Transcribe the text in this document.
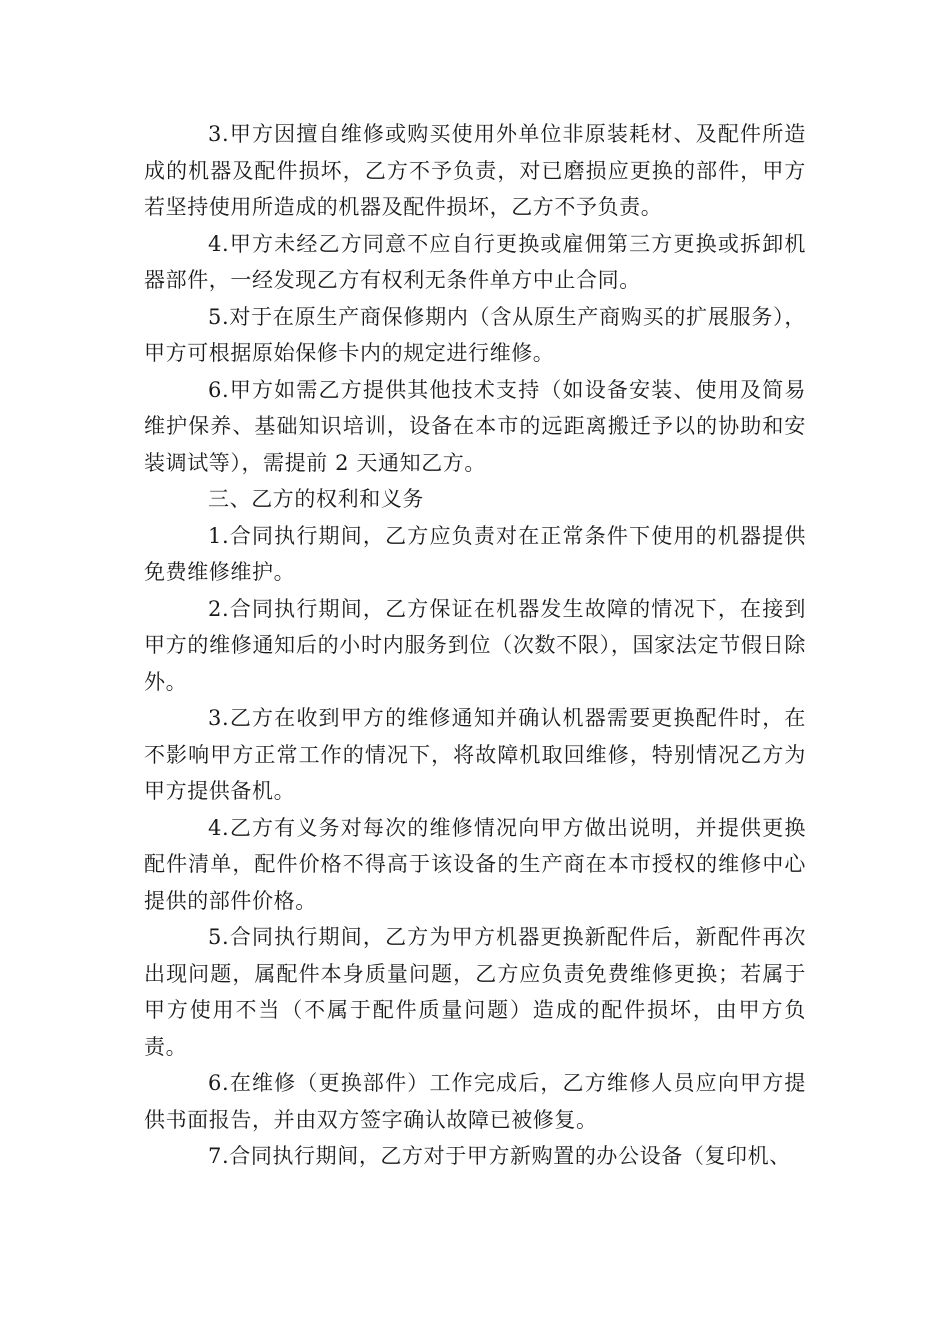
3.甲方因擅自维修或购买使用外单位非原装耗材、及配件所造成的机器及配件损坏，乙方不予负责，对已磨损应更换的部件，甲方若坚持使用所造成的机器及配件损坏，乙方不予负责。

4.甲方未经乙方同意不应自行更换或雇佣第三方更换或拆卸机器部件，一经发现乙方有权利无条件单方中止合同。

5.对于在原生产商保修期内（含从原生产商购买的扩展服务），甲方可根据原始保修卡内的规定进行维修。

6.甲方如需乙方提供其他技术支持（如设备安装、使用及简易维护保养、基础知识培训，设备在本市的远距离搬迁予以的协助和安装调试等），需提前 2 天通知乙方。

三、乙方的权利和义务

1.合同执行期间，乙方应负责对在正常条件下使用的机器提供免费维修维护。

2.合同执行期间，乙方保证在机器发生故障的情况下，在接到甲方的维修通知后的小时内服务到位（次数不限），国家法定节假日除外。

3.乙方在收到甲方的维修通知并确认机器需要更换配件时，在不影响甲方正常工作的情况下，将故障机取回维修，特别情况乙方为甲方提供备机。

4.乙方有义务对每次的维修情况向甲方做出说明，并提供更换配件清单，配件价格不得高于该设备的生产商在本市授权的维修中心提供的部件价格。

5.合同执行期间，乙方为甲方机器更换新配件后，新配件再次出现问题，属配件本身质量问题，乙方应负责免费维修更换；若属于甲方使用不当（不属于配件质量问题）造成的配件损坏，由甲方负责。

6.在维修（更换部件）工作完成后，乙方维修人员应向甲方提供书面报告，并由双方签字确认故障已被修复。

7.合同执行期间，乙方对于甲方新购置的办公设备（复印机、
